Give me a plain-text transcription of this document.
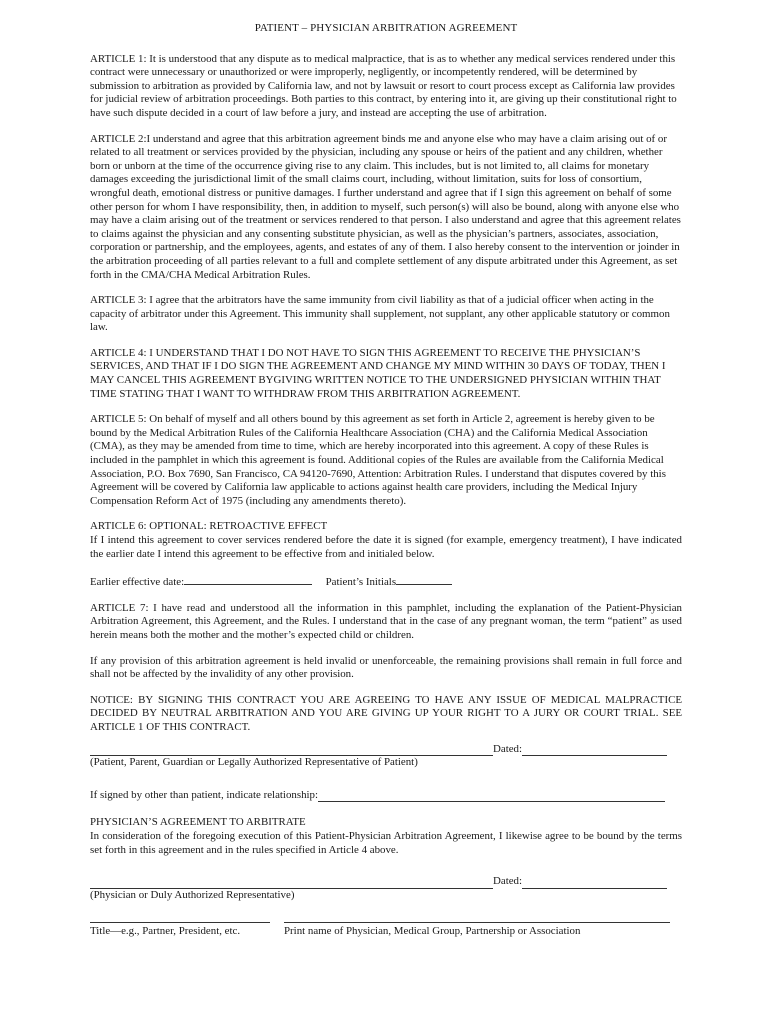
PATIENT – PHYSICIAN ARBITRATION AGREEMENT

ARTICLE 1: It is understood that any dispute as to medical malpractice, that is as to whether any medical services rendered under this contract were unnecessary or unauthorized or were improperly, negligently, or incompetently rendered, will be determined by submission to arbitration as provided by California law, and not by lawsuit or resort to court process except as California law provides for judicial review of arbitration proceedings. Both parties to this contract, by entering into it, are giving up their constitutional right to have such dispute decided in a court of law before a jury, and instead are accepting the use of arbitration.

ARTICLE 2:I understand and agree that this arbitration agreement binds me and anyone else who may have a claim arising out of or related to all treatment or services provided by the physician, including any spouse or heirs of the patient and any children, whether born or unborn at the time of the occurrence giving rise to any claim. This includes, but is not limited to, all claims for monetary damages exceeding the jurisdictional limit of the small claims court, including, without limitation, suits for loss of consortium, wrongful death, emotional distress or punitive damages. I further understand and agree that if I sign this agreement on behalf of some other person for whom I have responsibility, then, in addition to myself, such person(s) will also be bound, along with anyone else who may have a claim arising out of the treatment or services rendered to that person. I also understand and agree that this agreement relates to claims against the physician and any consenting substitute physician, as well as the physician’s partners, associates, association, corporation or partnership, and the employees, agents, and estates of any of them. I also hereby consent to the intervention or joinder in the arbitration proceeding of all parties relevant to a full and complete settlement of any dispute arbitrated under this Agreement, as set forth in the CMA/CHA Medical Arbitration Rules.

ARTICLE 3: I agree that the arbitrators have the same immunity from civil liability as that of a judicial officer when acting in the capacity of arbitrator under this Agreement. This immunity shall supplement, not supplant, any other applicable statutory or common law.

ARTICLE 4: I UNDERSTAND THAT I DO NOT HAVE TO SIGN THIS AGREEMENT TO RECEIVE THE PHYSICIAN’S SERVICES, AND THAT IF I DO SIGN THE AGREEMENT AND CHANGE MY MIND WITHIN 30 DAYS OF TODAY, THEN I MAY CANCEL THIS AGREEMENT BYGIVING WRITTEN NOTICE TO THE UNDERSIGNED PHYSICIAN WITHIN THAT TIME STATING THAT I WANT TO WITHDRAW FROM THIS ARBITRATION AGREEMENT.

ARTICLE 5: On behalf of myself and all others bound by this agreement as set forth in Article 2, agreement is hereby given to be bound by the Medical Arbitration Rules of the California Healthcare Association (CHA) and the California Medical Association (CMA), as they may be amended from time to time, which are hereby incorporated into this agreement. A copy of these Rules is included in the pamphlet in which this agreement is found. Additional copies of the Rules are available from the California Medical Association, P.O. Box 7690, San Francisco, CA 94120-7690, Attention: Arbitration Rules. I understand that disputes covered by this Agreement will be covered by California law applicable to actions against health care providers, including the Medical Injury Compensation Reform Act of 1975 (including any amendments thereto).

ARTICLE 6: OPTIONAL: RETROACTIVE EFFECT

If I intend this agreement to cover services rendered before the date it is signed (for example, emergency treatment), I have indicated the earlier date I intend this agreement to be effective from and initialed below.

Earlier effective date:	Patient’s Initials

ARTICLE 7: I have read and understood all the information in this pamphlet, including the explanation of the Patient-Physician Arbitration Agreement, this Agreement, and the Rules. I understand that in the case of any pregnant woman, the term “patient” as used herein means both the mother and the mother’s expected child or children.

If any provision of this arbitration agreement is held invalid or unenforceable, the remaining provisions shall remain in full force and shall not be affected by the invalidity of any other provision.

NOTICE: BY SIGNING THIS CONTRACT YOU ARE AGREEING TO HAVE ANY ISSUE OF MEDICAL MALPRACTICE DECIDED BY NEUTRAL ARBITRATION AND YOU ARE GIVING UP YOUR RIGHT TO A JURY OR COURT TRIAL. SEE ARTICLE 1 OF THIS CONTRACT.

Dated:

(Patient, Parent, Guardian or Legally Authorized Representative of Patient)

If signed by other than patient, indicate relationship:

PHYSICIAN’S AGREEMENT TO ARBITRATE

In consideration of the foregoing execution of this Patient-Physician Arbitration Agreement, I likewise agree to be bound by the terms set forth in this agreement and in the rules specified in Article 4 above.

Dated:

(Physician or Duly Authorized Representative)

Title—e.g., Partner, President, etc.	Print name of Physician, Medical Group, Partnership or Association
